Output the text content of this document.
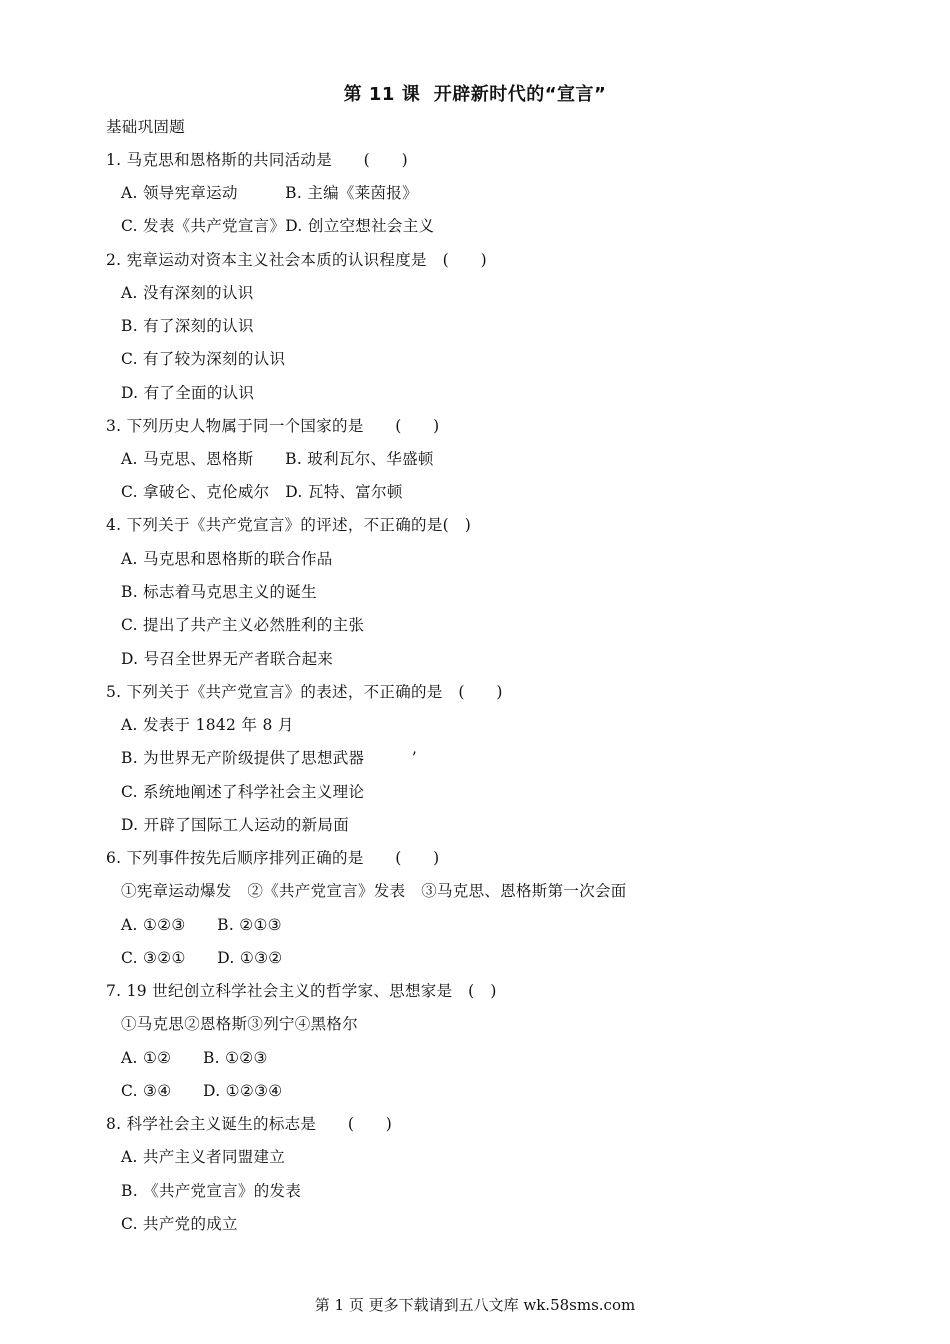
第 11 课  开辟新时代的“宣言”
基础巩固题
1. 马克思和恩格斯的共同活动是　　(　　)
A. 领导宪章运动　　　B. 主编《莱茵报》
C. 发表《共产党宣言》D. 创立空想社会主义
2. 宪章运动对资本主义社会本质的认识程度是　(　　)
A. 没有深刻的认识
B. 有了深刻的认识
C. 有了较为深刻的认识
D. 有了全面的认识
3. 下列历史人物属于同一个国家的是　　(　　)
A. 马克思、恩格斯　　B. 玻利瓦尔、华盛顿
C. 拿破仑、克伦威尔　D. 瓦特、富尔顿
4. 下列关于《共产党宣言》的评述，不正确的是(　)
A. 马克思和恩格斯的联合作品
B. 标志着马克思主义的诞生
C. 提出了共产主义必然胜利的主张
D. 号召全世界无产者联合起来
5. 下列关于《共产党宣言》的表述，不正确的是　(　　)
A. 发表于 1842 年 8 月
B. 为世界无产阶级提供了思想武器　　　’
C. 系统地阐述了科学社会主义理论
D. 开辟了国际工人运动的新局面
6. 下列事件按先后顺序排列正确的是　　(　　)
①宪章运动爆发　②《共产党宣言》发表　③马克思、恩格斯第一次会面
A. ①②③　　B. ②①③
C. ③②①　　D. ①③②
7. 19 世纪创立科学社会主义的哲学家、思想家是　(　)
①马克思②恩格斯③列宁④黑格尔
A. ①②　　B. ①②③
C. ③④　　D. ①②③④
8. 科学社会主义诞生的标志是　　(　　)
A. 共产主义者同盟建立
B. 《共产党宣言》的发表
C. 共产党的成立
第 1 页 更多下载请到五八文库 wk.58sms.com
